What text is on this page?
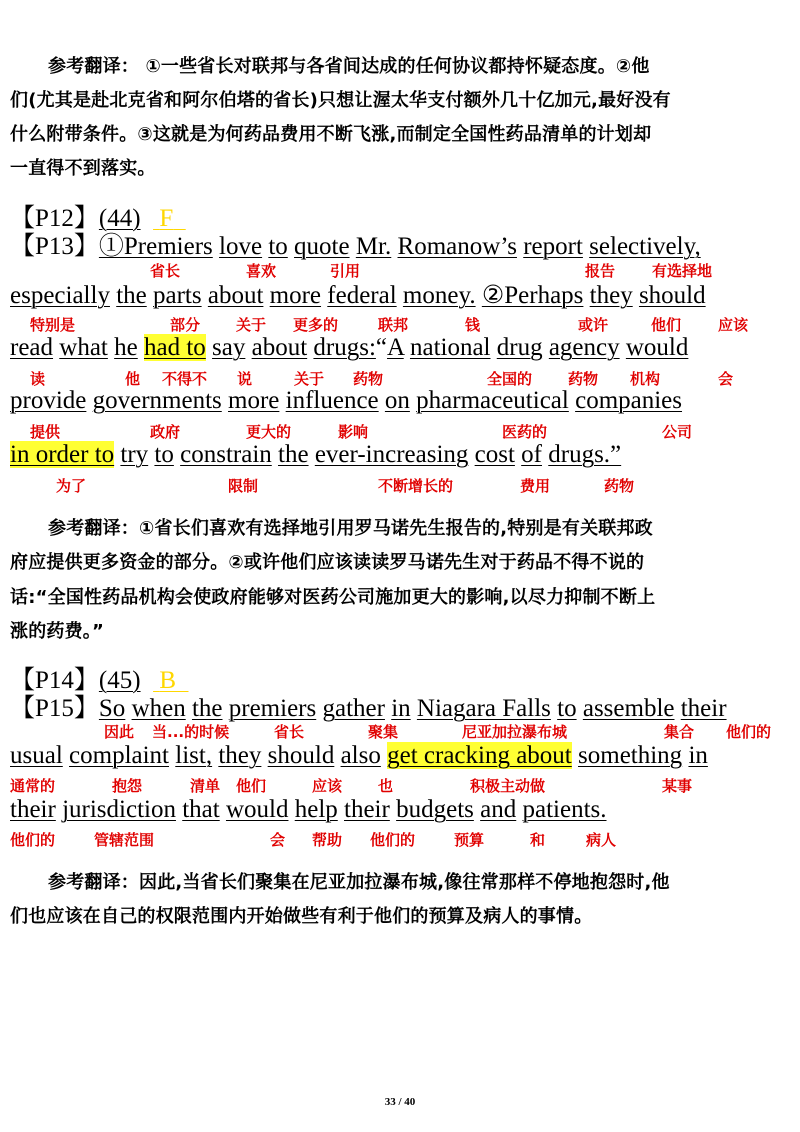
参考翻译： ①一些省长对联邦与各省间达成的任何协议都持怀疑态度。②他
们(尤其是赴北克省和阿尔伯塔的省长)只想让渥太华支付额外几十亿加元,最好没有
什么附带条件。③这就是为何药品费用不断飞涨,而制定全国性药品清单的计划却
一直得不到落实。
【P12】(44) F
【P13】①Premiers love to quote Mr. Romanow’s report selectively,
省长	喜欢	引用	报告 有选择地
especially the parts about more federal money. ②Perhaps they should
特别是	部分 关于 更多的	联邦	钱	或许	他们 应该
read what he had to say about drugs:“A national drug agency would
读	他 不得不 说	关于 药物	全国的 药物 机构	会
provide governments more influence on pharmaceutical companies
提供	政府	更大的	影响	医药的	公司
in order to try to constrain the ever-increasing cost of drugs.”
为了	限制	不断增长的	费用	药物
参考翻译：①省长们喜欢有选择地引用罗马诺先生报告的,特别是有关联邦政
府应提供更多资金的部分。②或许他们应该读读罗马诺先生对于药品不得不说的
话:“全国性药品机构会使政府能够对医药公司施加更大的影响,以尽力抑制不断上
涨的药费。”
【P14】(45) B
【P15】So when the premiers gather in Niagara Falls to assemble their
因此 当...的时候	省长	聚集	尼亚加拉瀑布城	集合 他们的
usual complaint list, they should also get cracking about something in
通常的	抱怨	清单 他们	应该 也	积极主动做	某事
their jurisdiction that would help their budgets and patients.
他们的	管辖范围	会 帮助 他们的	预算	和	病人
参考翻译：因此,当省长们聚集在尼亚加拉瀑布城,像往常那样不停地抱怨时,他
们也应该在自己的权限范围内开始做些有利于他们的预算及病人的事情。
33 / 40
